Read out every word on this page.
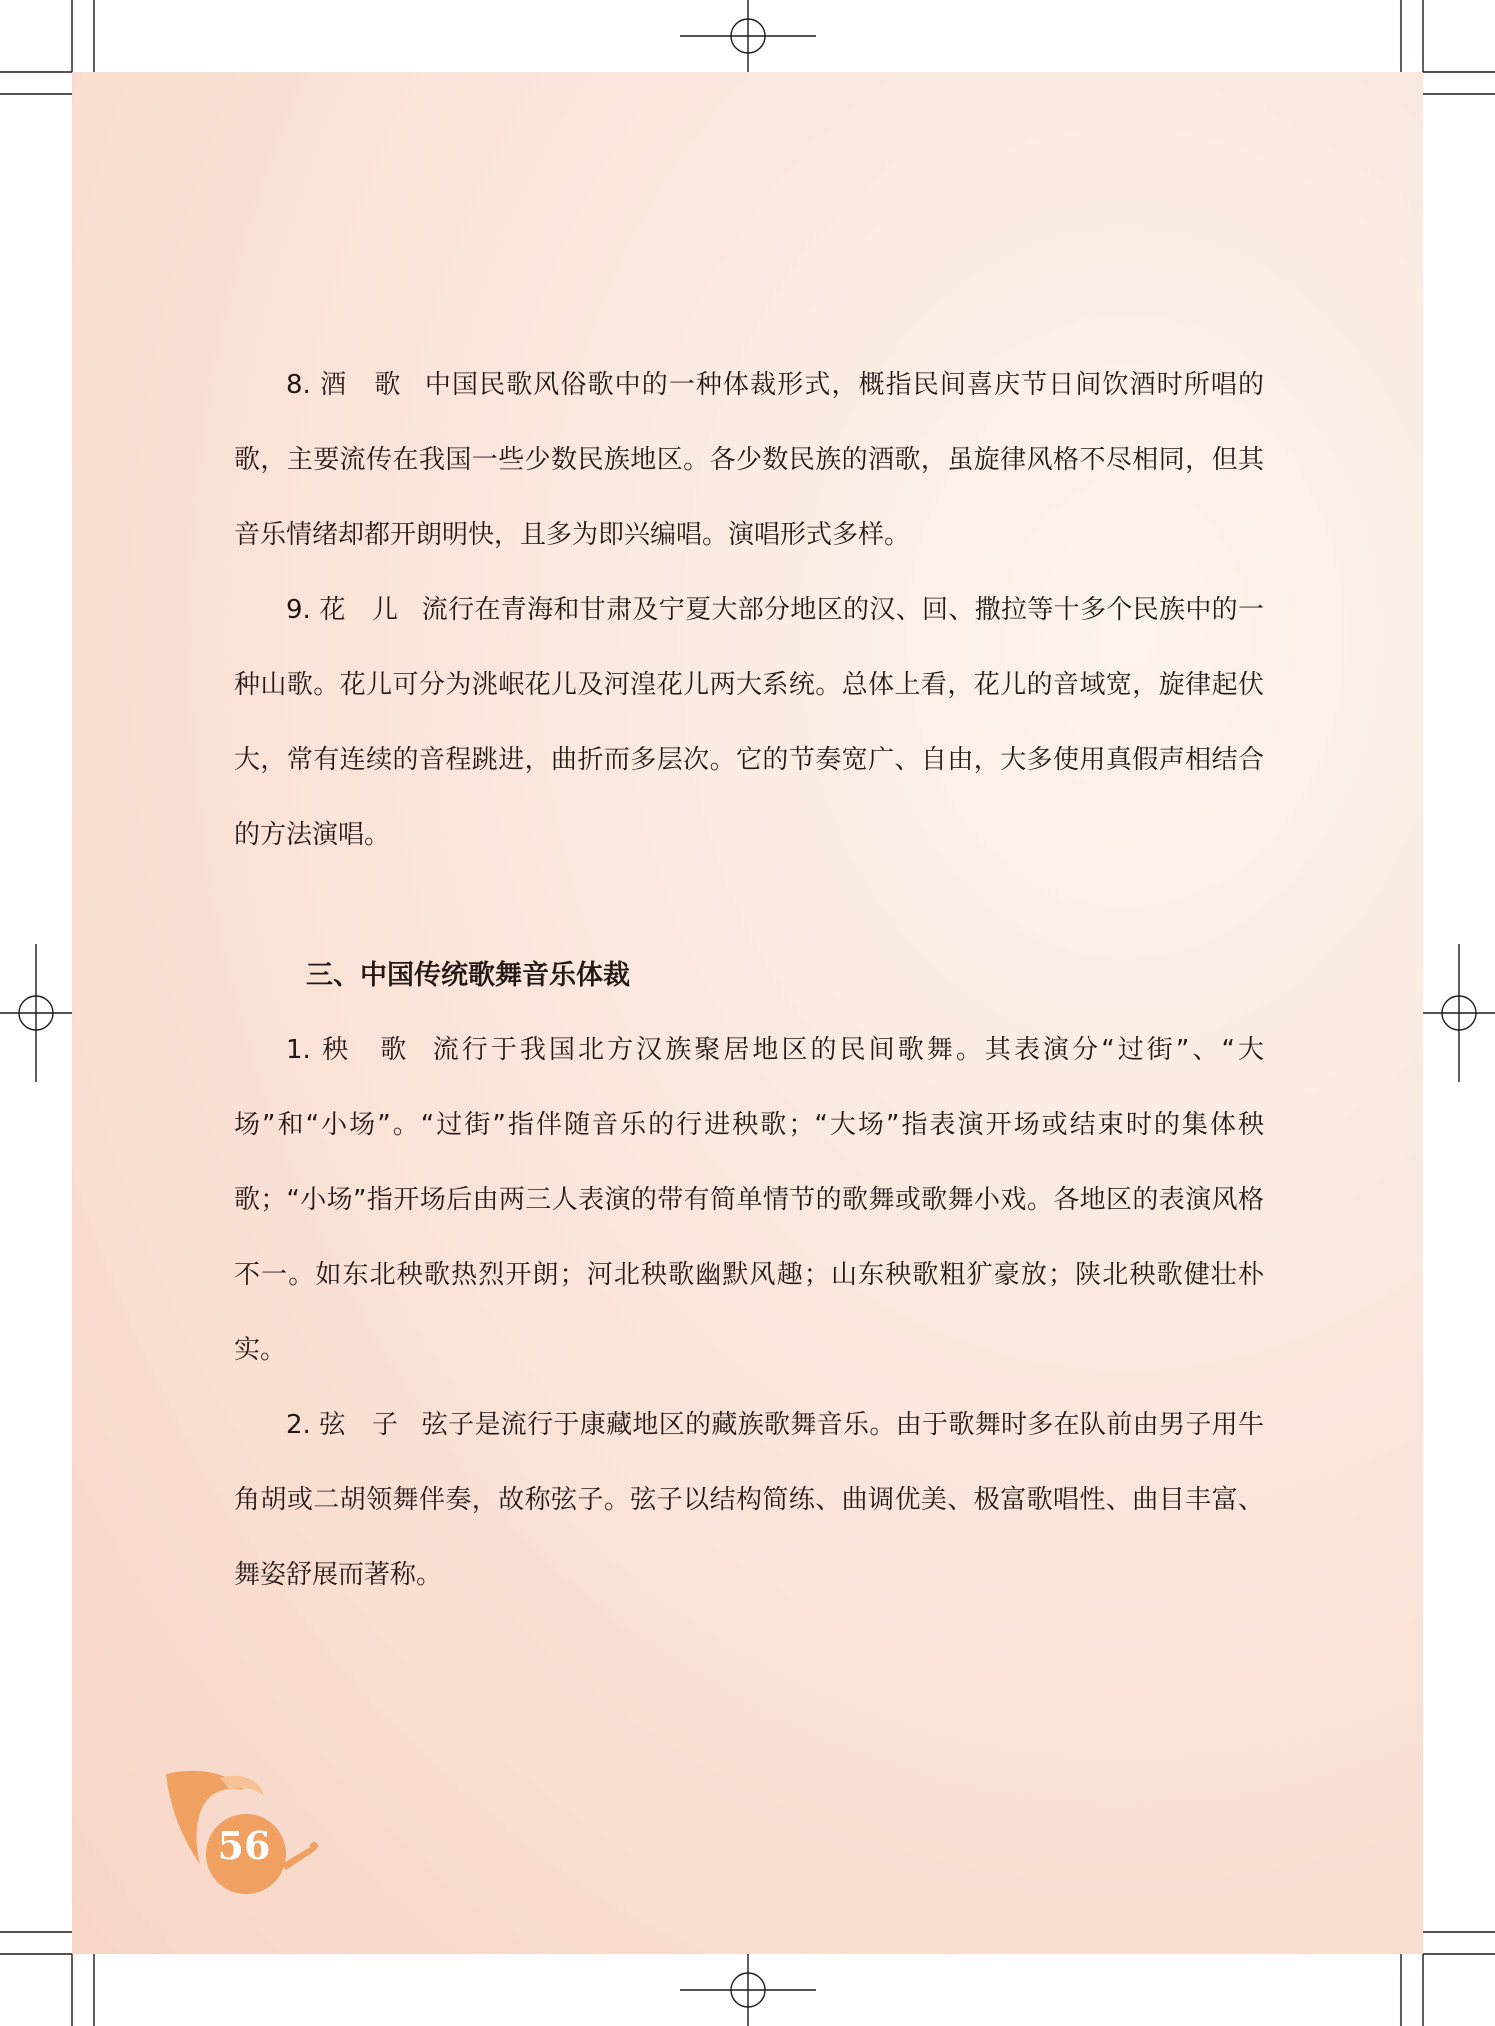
8. 酒　歌 中国民歌风俗歌中的一种体裁形式，概指民间喜庆节日间饮酒时所唱的歌，主要流传在我国一些少数民族地区。各少数民族的酒歌，虽旋律风格不尽相同，但其音乐情绪却都开朗明快，且多为即兴编唱。演唱形式多样。

9. 花　儿 流行在青海和甘肃及宁夏大部分地区的汉、回、撒拉等十多个民族中的一种山歌。花儿可分为洮岷花儿及河湟花儿两大系统。总体上看，花儿的音域宽，旋律起伏大，常有连续的音程跳进，曲折而多层次。它的节奏宽广、自由，大多使用真假声相结合的方法演唱。

三、中国传统歌舞音乐体裁

1. 秧　歌 流行于我国北方汉族聚居地区的民间歌舞。其表演分“过街”、“大场”和“小场”。“过街”指伴随音乐的行进秧歌；“大场”指表演开场或结束时的集体秧歌；“小场”指开场后由两三人表演的带有简单情节的歌舞或歌舞小戏。各地区的表演风格不一。如东北秧歌热烈开朗；河北秧歌幽默风趣；山东秧歌粗犷豪放；陕北秧歌健壮朴实。

2. 弦　子 弦子是流行于康藏地区的藏族歌舞音乐。由于歌舞时多在队前由男子用牛角胡或二胡领舞伴奏，故称弦子。弦子以结构简练、曲调优美、极富歌唱性、曲目丰富、舞姿舒展而著称。

56
